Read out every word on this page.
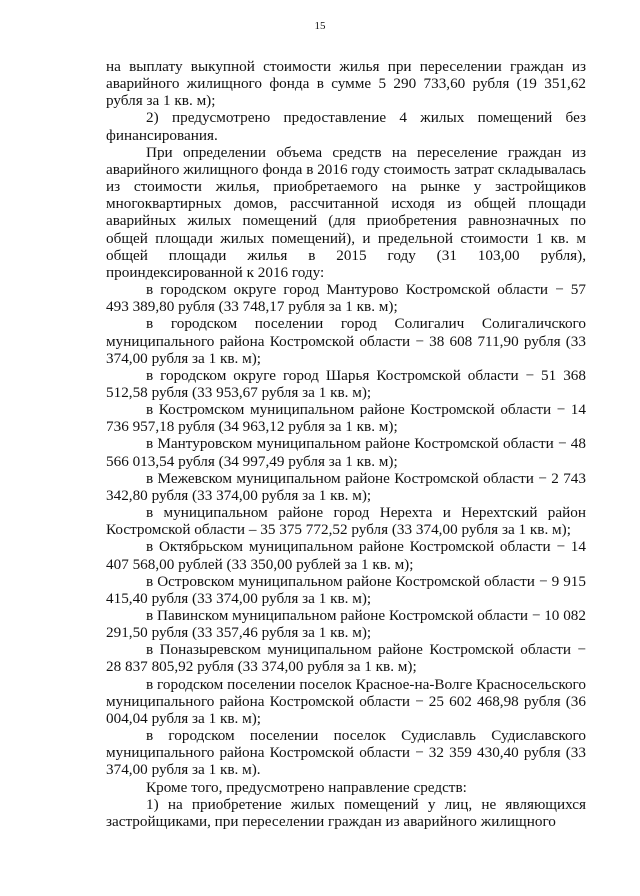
15

на выплату выкупной стоимости жилья при переселении граждан из аварийного жилищного фонда в сумме 5 290 733,60 рубля (19 351,62 рубля за 1 кв. м);

2) предусмотрено предоставление 4 жилых помещений без финансирования.

При определении объема средств на переселение граждан из аварийного жилищного фонда в 2016 году стоимость затрат складывалась из стоимости жилья, приобретаемого на рынке у застройщиков многоквартирных домов, рассчитанной исходя из общей площади аварийных жилых помещений (для приобретения равнозначных по общей площади жилых помещений), и предельной стоимости 1 кв. м общей площади жилья в 2015 году (31 103,00 рубля), проиндексированной к 2016 году:

в городском округе город Мантурово Костромской области − 57 493 389,80 рубля (33 748,17 рубля за 1 кв. м);

в городском поселении город Солигалич Солигаличского муниципального района Костромской области − 38 608 711,90 рубля (33 374,00 рубля за 1 кв. м);

в городском округе город Шарья Костромской области − 51 368 512,58 рубля (33 953,67 рубля за 1 кв. м);

в Костромском муниципальном районе Костромской области − 14 736 957,18 рубля (34 963,12 рубля за 1 кв. м);

в Мантуровском муниципальном районе Костромской области − 48 566 013,54 рубля (34 997,49 рубля за 1 кв. м);

в Межевском муниципальном районе Костромской области − 2 743 342,80 рубля (33 374,00 рубля за 1 кв. м);

в муниципальном районе город Нерехта и Нерехтский район Костромской области – 35 375 772,52 рубля (33 374,00 рубля за 1 кв. м);

в Октябрьском муниципальном районе Костромской области − 14 407 568,00 рублей (33 350,00 рублей за 1 кв. м);

в Островском муниципальном районе Костромской области − 9 915 415,40 рубля (33 374,00 рубля за 1 кв. м);

в Павинском муниципальном районе Костромской области − 10 082 291,50 рубля (33 357,46 рубля за 1 кв. м);

в Поназыревском муниципальном районе Костромской области − 28 837 805,92 рубля (33 374,00 рубля за 1 кв. м);

в городском поселении поселок Красное-на-Волге Красносельского муниципального района Костромской области − 25 602 468,98 рубля (36 004,04 рубля за 1 кв. м);

в городском поселении поселок Судиславль Судиславского муниципального района Костромской области − 32 359 430,40 рубля (33 374,00 рубля за 1 кв. м).

Кроме того, предусмотрено направление средств:

1) на приобретение жилых помещений у лиц, не являющихся застройщиками, при переселении граждан из аварийного жилищного
